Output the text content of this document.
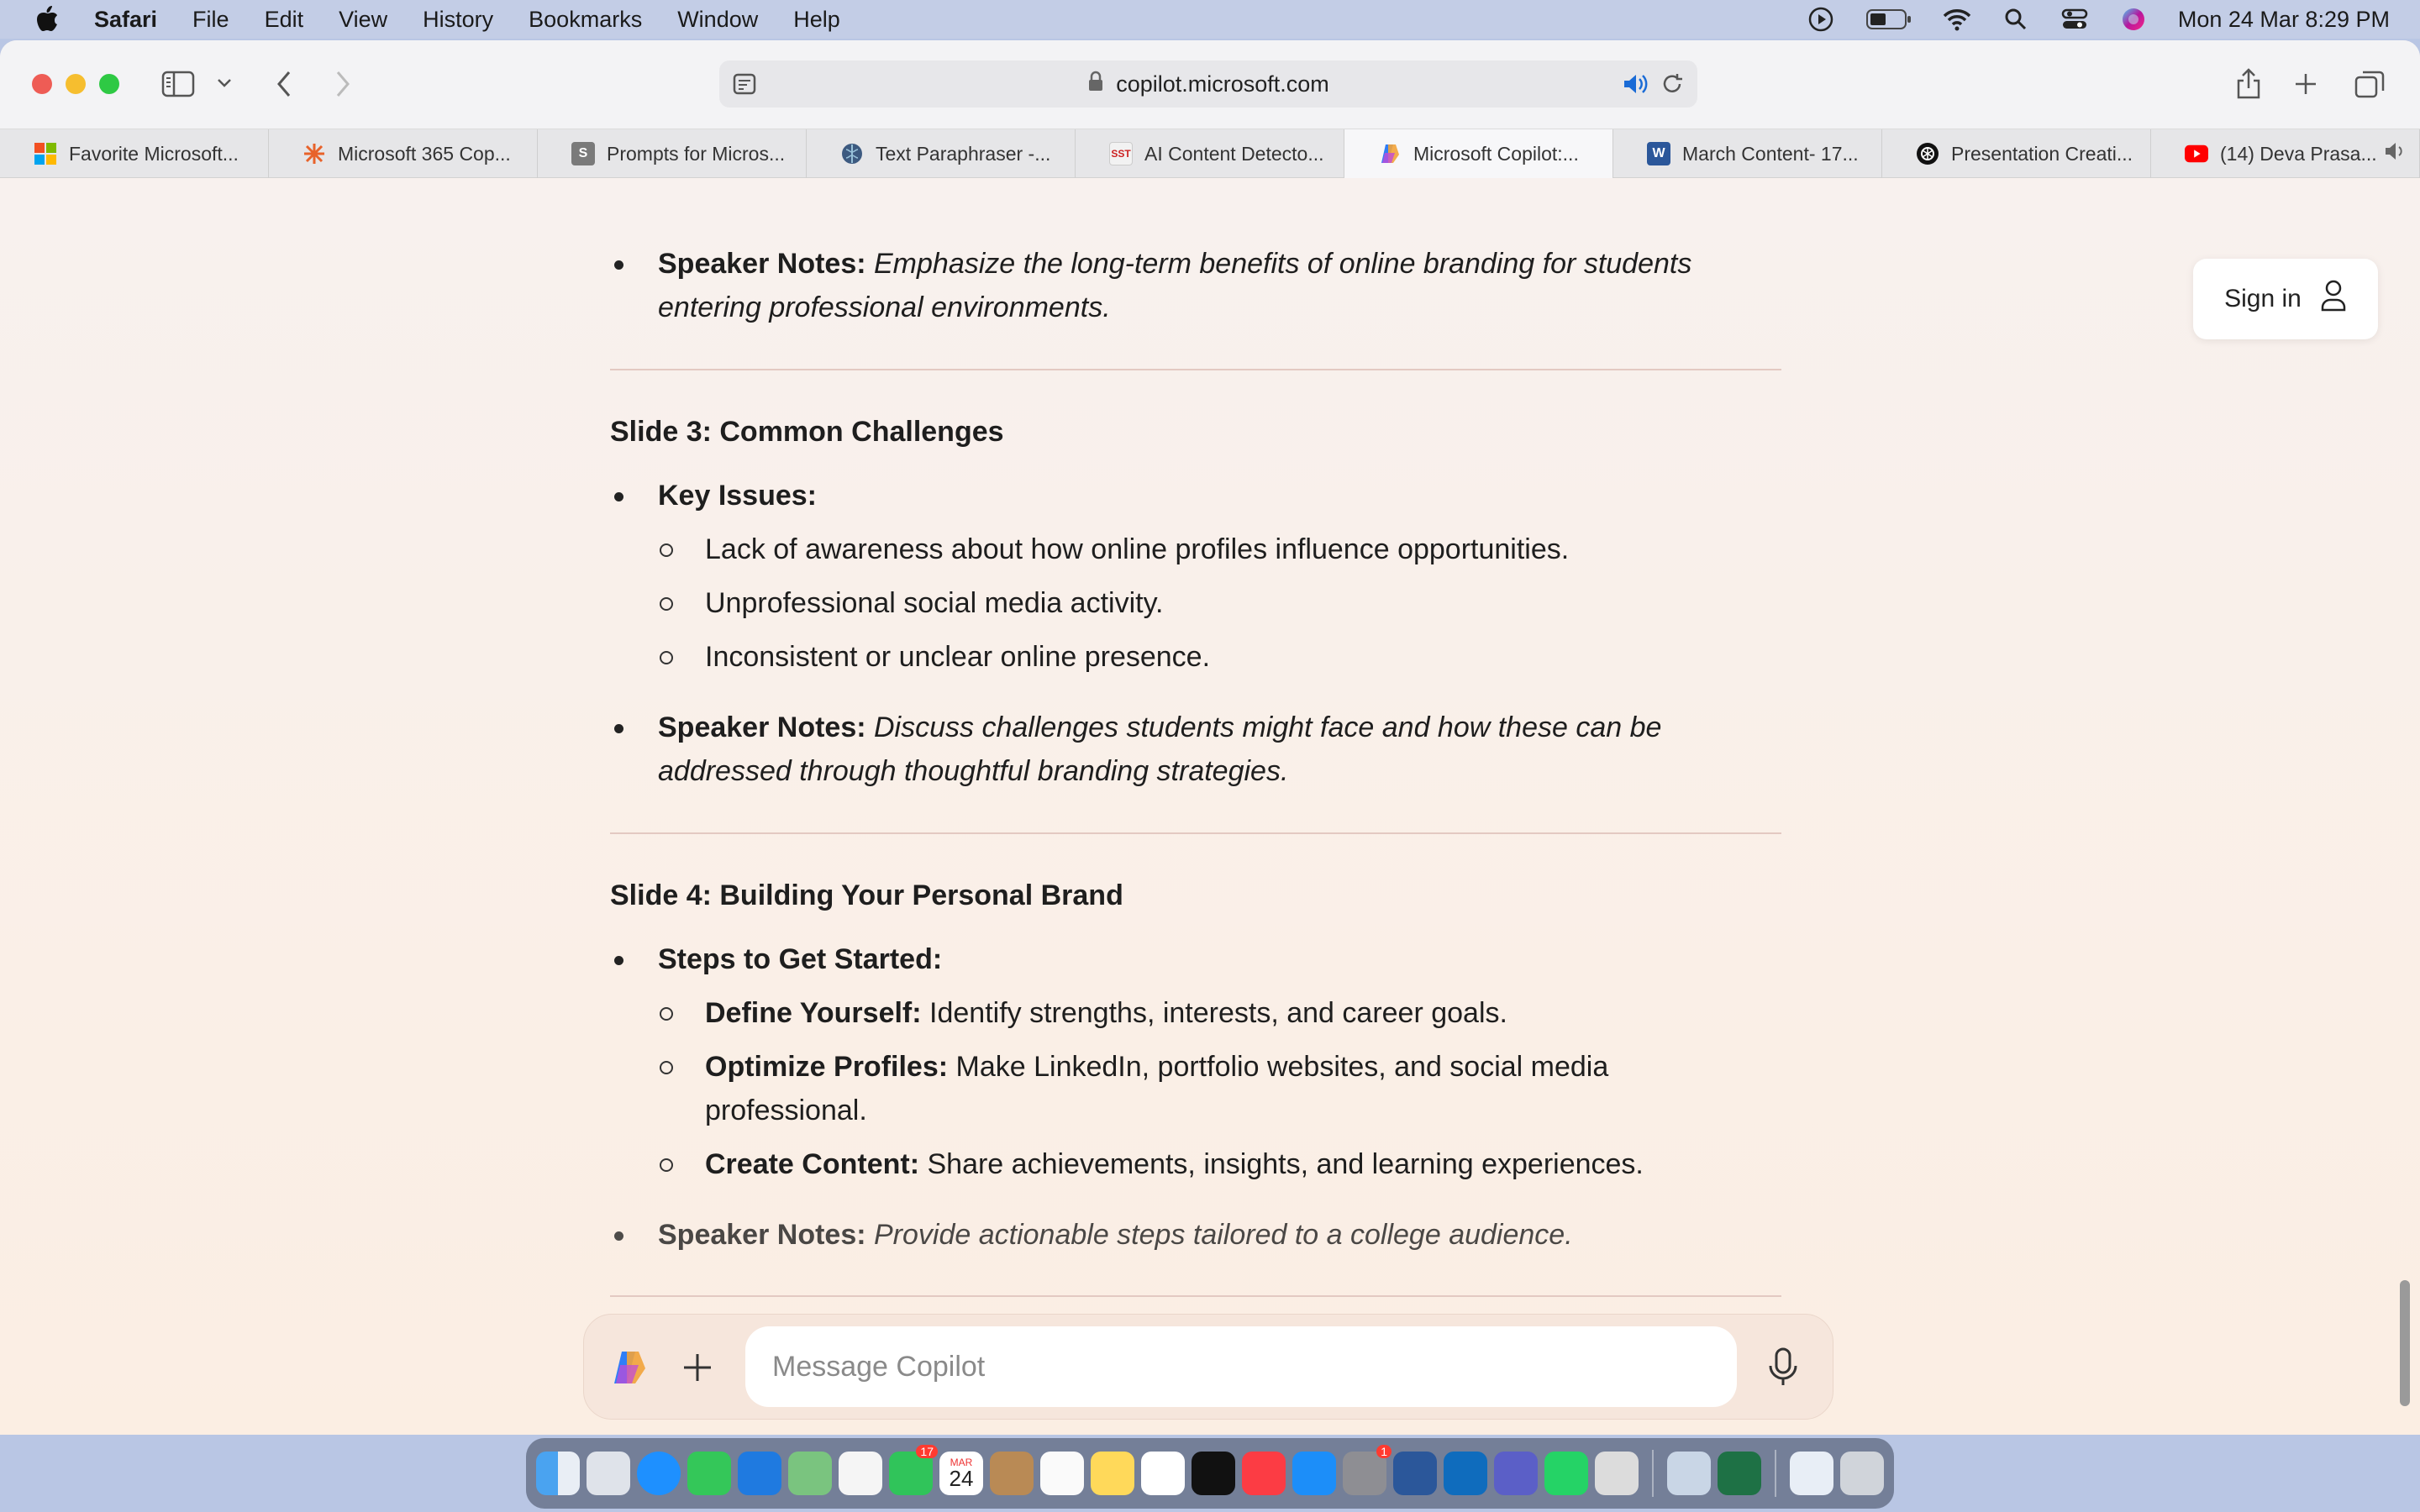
Safari File Edit View History Bookmarks Window Help	Mon 24 Mar 8:29 PM
copilot.microsoft.com
Favorite Microsoft...	Microsoft 365 Cop...	S Prompts for Micros...	Text Paraphraser -...	SST AI Content Detecto...	Microsoft Copilot:...	W March Content- 17...	Presentation Creati...	(14) Deva Prasa...
Speaker Notes: Emphasize the long-term benefits of online branding for students
entering professional environments.
Slide 3: Common Challenges
Key Issues:
Lack of awareness about how online profiles influence opportunities.
Unprofessional social media activity.
Inconsistent or unclear online presence.
Speaker Notes: Discuss challenges students might face and how these can be
addressed through thoughtful branding strategies.
Slide 4: Building Your Personal Brand
Steps to Get Started:
Define Yourself: Identify strengths, interests, and career goals.
Optimize Profiles: Make LinkedIn, portfolio websites, and social media
professional.
Create Content: Share achievements, insights, and learning experiences.
Speaker Notes: Provide actionable steps tailored to a college audience.
Sign in
Message Copilot
17
MAR
24
1
